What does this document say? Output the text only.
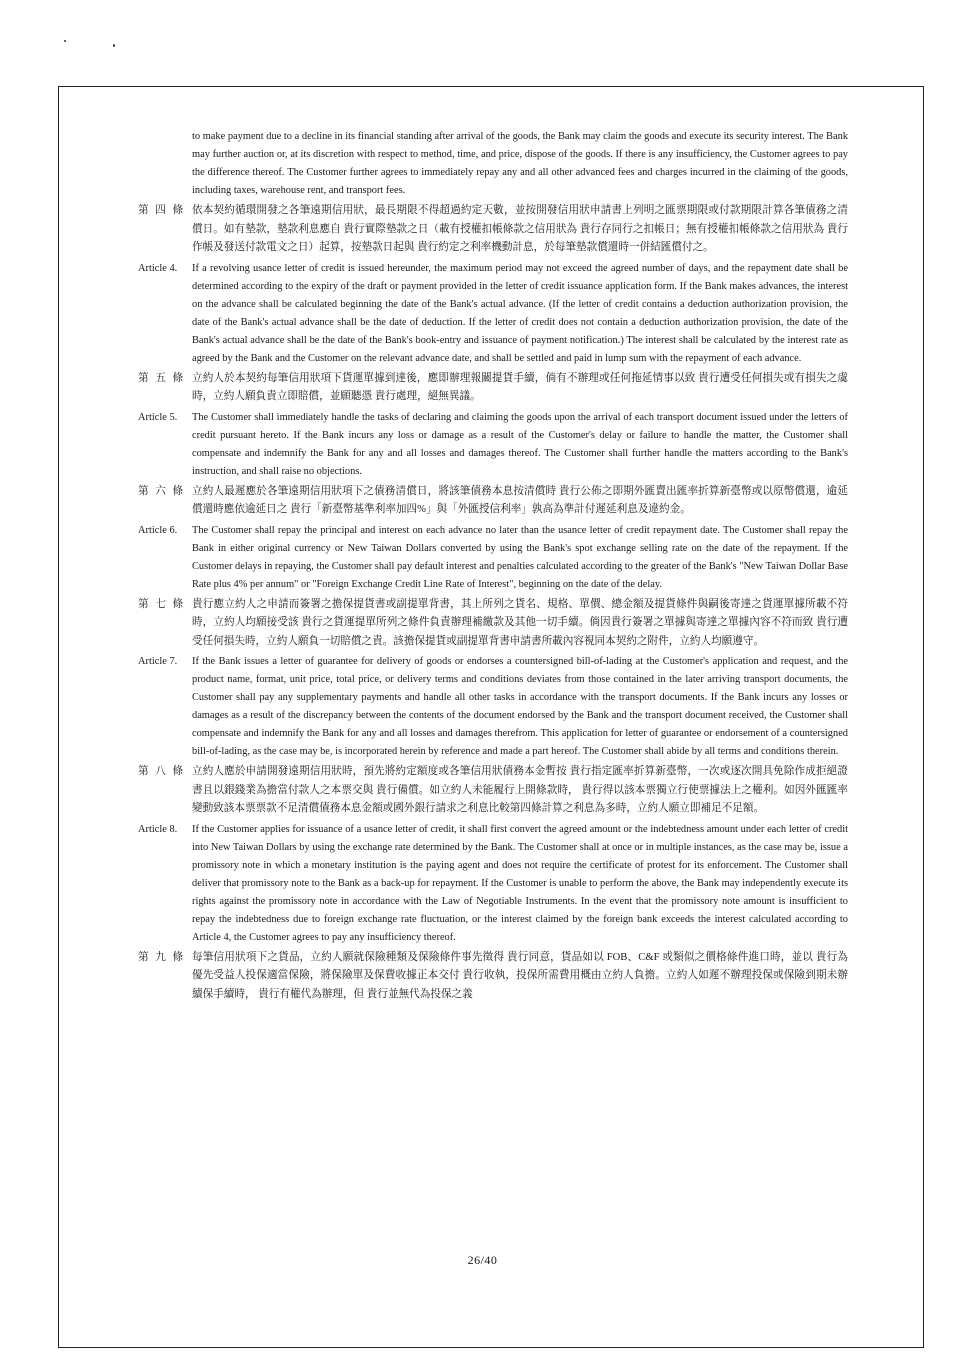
to make payment due to a decline in its financial standing after arrival of the goods, the Bank may claim the goods and execute its security interest. The Bank may further auction or, at its discretion with respect to method, time, and price, dispose of the goods. If there is any insufficiency, the Customer agrees to pay the difference thereof. The Customer further agrees to immediately repay any and all other advanced fees and charges incurred in the claiming of the goods, including taxes, warehouse rent, and transport fees.

第 四 條 依本契約循環開發之各筆遠期信用狀，最長期限不得超過約定天數，並按開發信用狀申請書上列明之匯票期限或付款期限計算各筆債務之清償日。如有墊款，墊款利息應自 貴行實際墊款之日（載有授權扣帳條款之信用狀為 貴行存同行之扣帳日；無有授權扣帳條款之信用狀為 貴行作帳及發送付款電文之日）起算，按墊款日起與 貴行約定之利率機動計息，於每筆墊款償還時一併結匯償付之。
Article 4.	If a revolving usance letter of credit is issued hereunder, the maximum period may not exceed the agreed number of days, and the repayment date shall be determined according to the expiry of the draft or payment provided in the letter of credit issuance application form. If the Bank makes advances, the interest on the advance shall be calculated beginning the date of the Bank's actual advance. (If the letter of credit contains a deduction authorization provision, the date of the Bank's actual advance shall be the date of deduction. If the letter of credit does not contain a deduction authorization provision, the date of the Bank's actual advance shall be the date of the Bank's book-entry and issuance of payment notification.) The interest shall be calculated by the interest rate as agreed by the Bank and the Customer on the relevant advance date, and shall be settled and paid in lump sum with the repayment of each advance.
第 五 條 立約人於本契約每筆信用狀項下貨運單據到達後，應即辦理報關提貨手續，倘有不辦理或任何拖延情事以致 貴行遭受任何損失或有損失之虞時，立約人願負責立即賠償，並願聽憑 貴行處理，絕無異議。
Article 5.	The Customer shall immediately handle the tasks of declaring and claiming the goods upon the arrival of each transport document issued under the letters of credit pursuant hereto. If the Bank incurs any loss or damage as a result of the Customer's delay or failure to handle the matter, the Customer shall compensate and indemnify the Bank for any and all losses and damages thereof. The Customer shall further handle the matters according to the Bank's instruction, and shall raise no objections.
第 六 條 立約人最遲應於各筆遠期信用狀項下之債務清償日，將該筆債務本息按清償時 貴行公佈之即期外匯賣出匯率折算新臺幣或以原幣償還，逾延償還時應依逾延日之 貴行「新臺幣基準利率加四%」與「外匯授信利率」孰高為準計付遲延利息及違約金。
Article 6.	The Customer shall repay the principal and interest on each advance no later than the usance letter of credit repayment date. The Customer shall repay the Bank in either original currency or New Taiwan Dollars converted by using the Bank's spot exchange selling rate on the date of the repayment. If the Customer delays in repaying, the Customer shall pay default interest and penalties calculated according to the greater of the Bank's "New Taiwan Dollar Base Rate plus 4% per annum" or "Foreign Exchange Credit Line Rate of Interest", beginning on the date of the delay.
第 七 條 貴行應立約人之申請而簽署之擔保提貨書或副提單背書，其上所列之貨名、規格、單價、總金額及提貨條件與嗣後寄達之貨運單據所載不符時，立約人均願接受該 貴行之貨運提單所列之條件負責辦理補繳款及其他一切手續。倘因貴行簽署之單據與寄達之單據內容不符而致 貴行遭受任何損失時，立約人願負一切賠償之責。該擔保提貨或副提單背書申請書所載內容視同本契約之附件，立約人均願遵守。
Article 7.	If the Bank issues a letter of guarantee for delivery of goods or endorses a countersigned bill-of-lading at the Customer's application and request, and the product name, format, unit price, total price, or delivery terms and conditions deviates from those contained in the later arriving transport documents, the Customer shall pay any supplementary payments and handle all other tasks in accordance with the transport documents. If the Bank incurs any losses or damages as a result of the discrepancy between the contents of the document endorsed by the Bank and the transport document received, the Customer shall compensate and indemnify the Bank for any and all losses and damages therefrom. This application for letter of guarantee or endorsement of a countersigned bill-of-lading, as the case may be, is incorporated herein by reference and made a part hereof. The Customer shall abide by all terms and conditions therein.
第 八 條 立約人應於申請開發遠期信用狀時，預先將約定額度或各筆信用狀債務本金暫按 貴行指定匯率折算新臺幣，一次或逐次開具免除作成拒絕證書且以銀錢業為擔當付款人之本票交與 貴行備償。如立約人未能履行上開條款時， 貴行得以該本票獨立行使票據法上之權利。如因外匯匯率變動致該本票票款不足清償債務本息金額或國外銀行請求之利息比較第四條計算之利息為多時，立約人願立即補足不足額。
Article 8.	If the Customer applies for issuance of a usance letter of credit, it shall first convert the agreed amount or the indebtedness amount under each letter of credit into New Taiwan Dollars by using the exchange rate determined by the Bank. The Customer shall at once or in multiple instances, as the case may be, issue a promissory note in which a monetary institution is the paying agent and does not require the certificate of protest for its enforcement. The Customer shall deliver that promissory note to the Bank as a back-up for repayment. If the Customer is unable to perform the above, the Bank may independently execute its rights against the promissory note in accordance with the Law of Negotiable Instruments. In the event that the promissory note amount is insufficient to repay the indebtedness due to foreign exchange rate fluctuation, or the interest claimed by the foreign bank exceeds the interest calculated according to Article 4, the Customer agrees to pay any insufficiency thereof.
第 九 條 每筆信用狀項下之貨品，立約人願就保險種類及保險條件事先徵得 貴行同意，貨品如以 FOB、C&F 或類似之價格條件進口時，並以 貴行為優先受益人投保適當保險，將保險單及保費收據正本交付 貴行收執，投保所需費用概由立約人負擔。立約人如遲不辦理投保或保險到期未辦續保手續時， 貴行有權代為辦理，但 貴行並無代為投保之義
26/40
